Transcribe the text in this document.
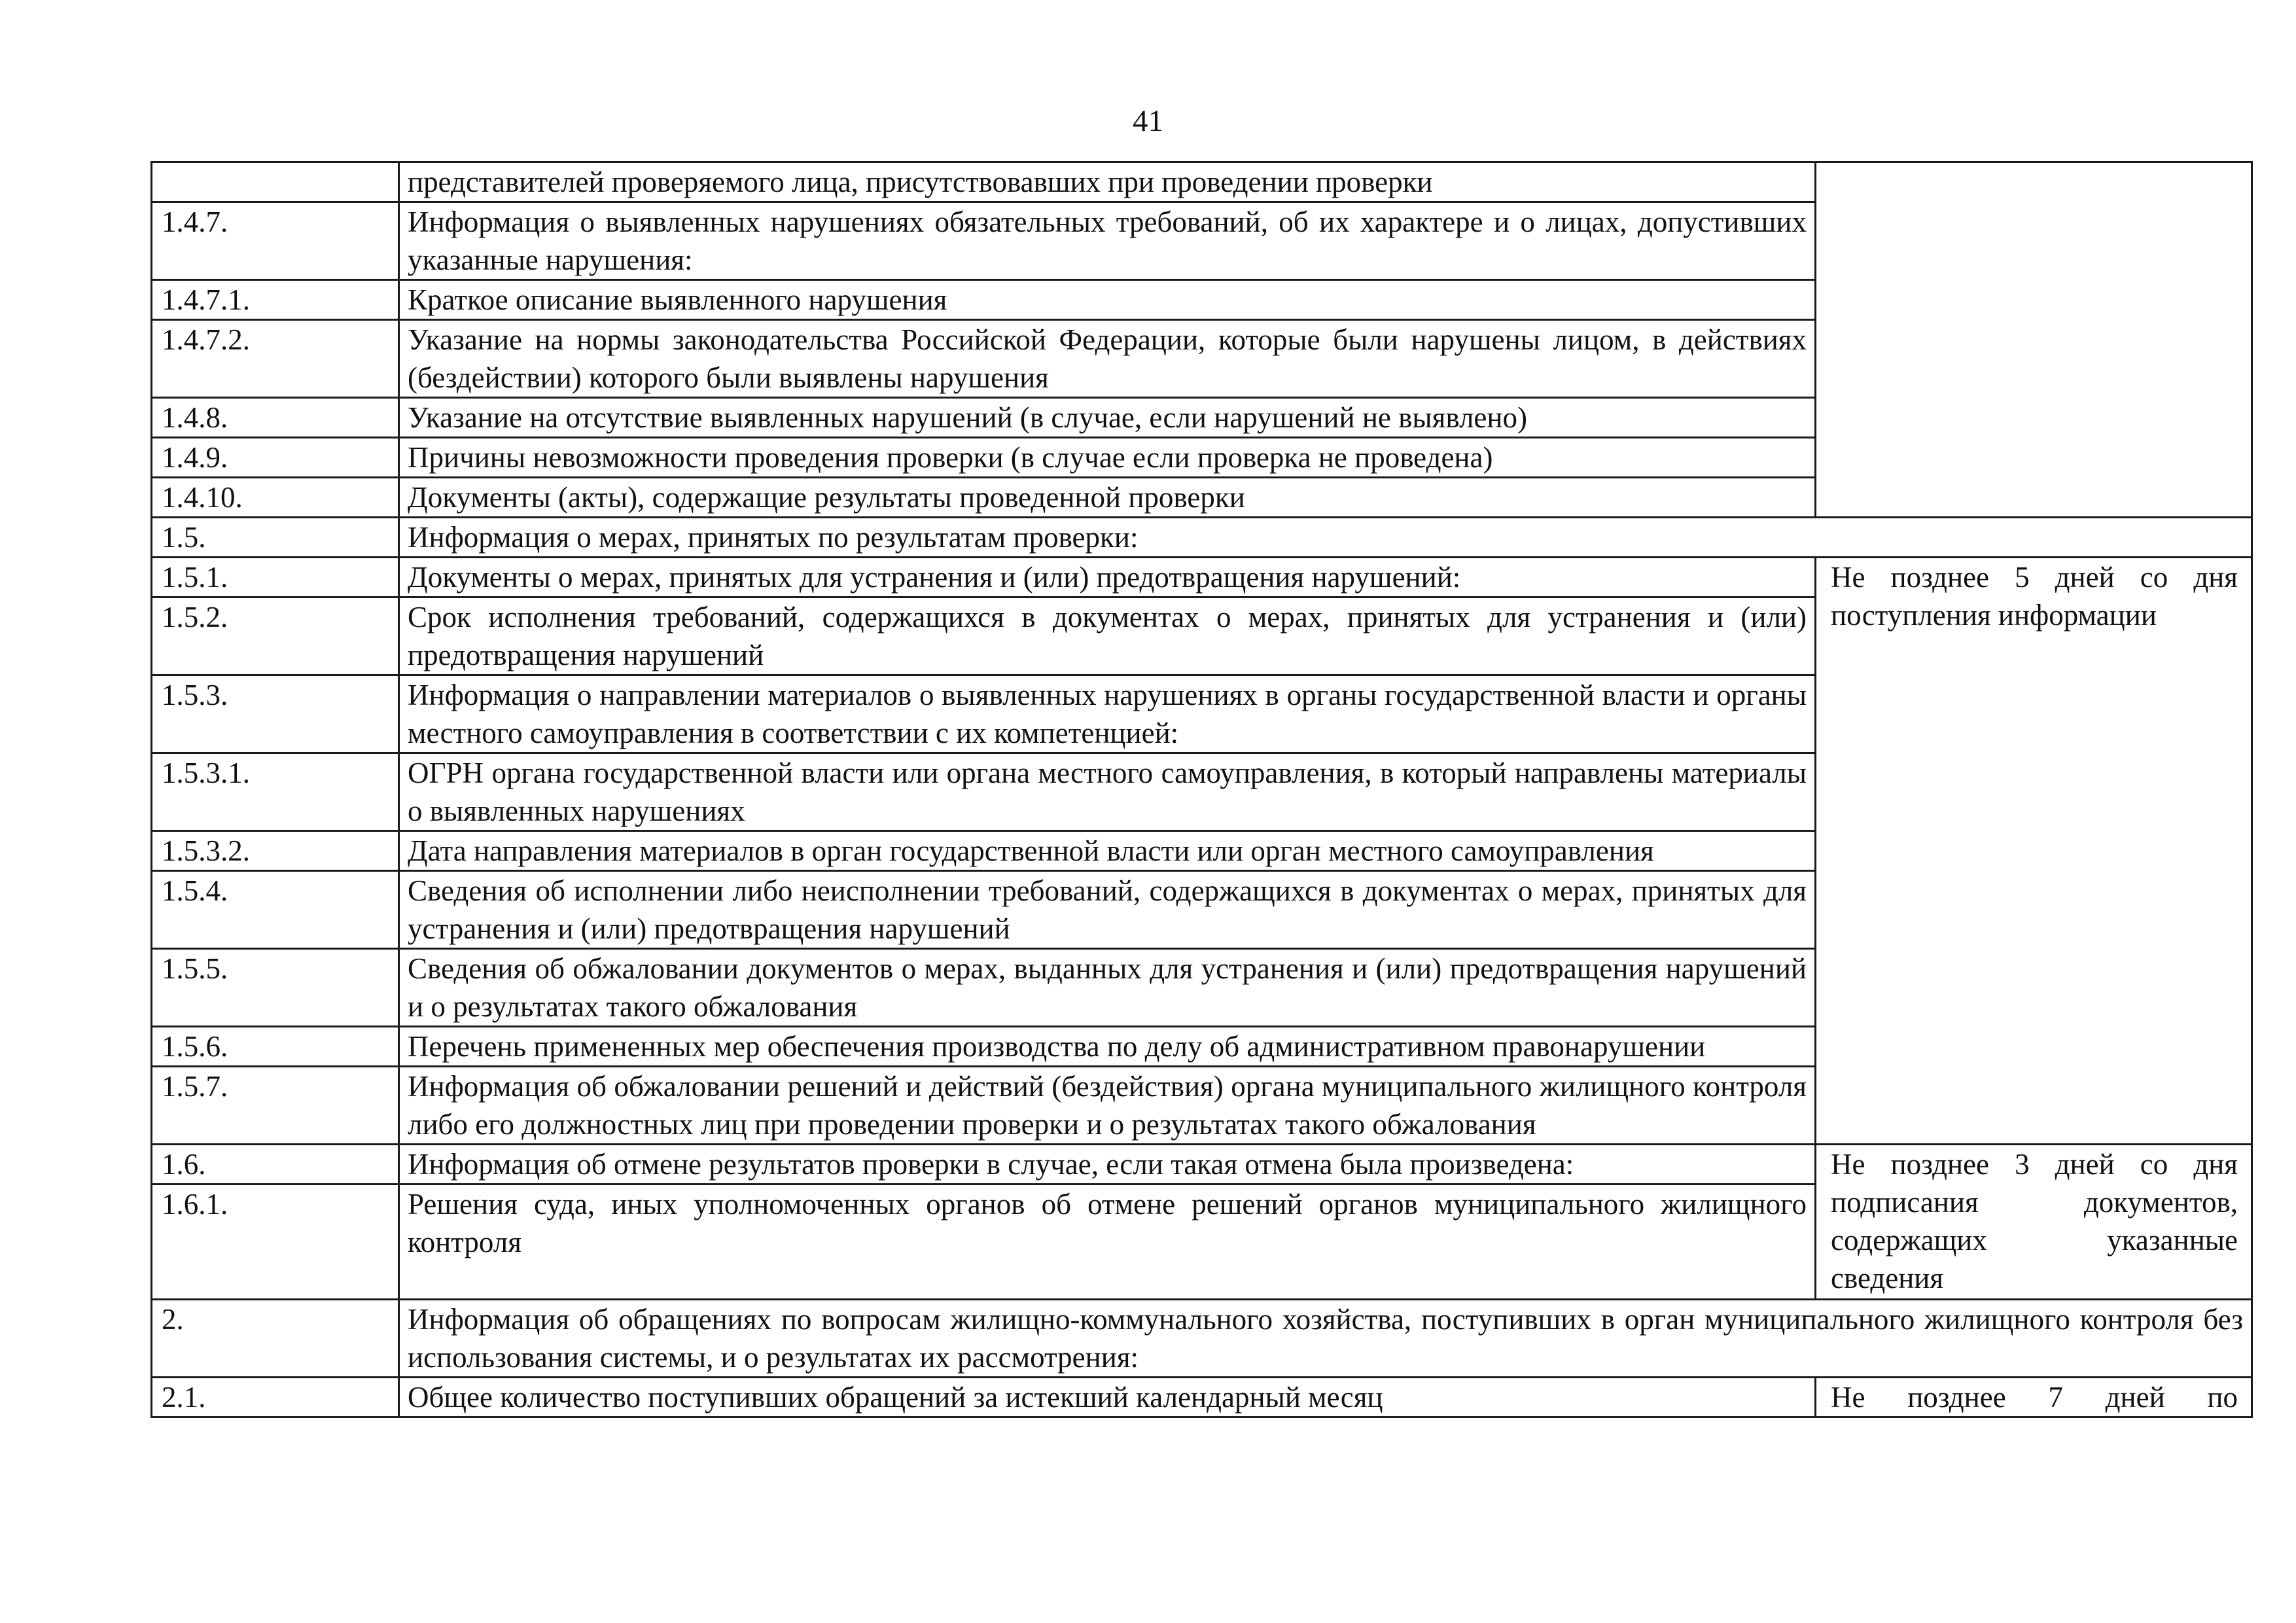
41
	представителей проверяемого лица, присутствовавших при проведении проверки	
1.4.7.	Информация о выявленных нарушениях обязательных требований, об их характере и о лицах, допустивших указанные нарушения:	
1.4.7.1.	Краткое описание выявленного нарушения	
1.4.7.2.	Указание на нормы законодательства Российской Федерации, которые были нарушены лицом, в действиях (бездействии) которого были выявлены нарушения	
1.4.8.	Указание на отсутствие выявленных нарушений (в случае, если нарушений не выявлено)	
1.4.9.	Причины невозможности проведения проверки (в случае если проверка не проведена)	
1.4.10.	Документы (акты), содержащие результаты проведенной проверки	
1.5.	Информация о мерах, принятых по результатам проверки:	
1.5.1.	Документы о мерах, принятых для устранения и (или) предотвращения нарушений:	Не позднее 5 дней со дня поступления информации
1.5.2.	Срок исполнения требований, содержащихся в документах о мерах, принятых для устранения и (или) предотвращения нарушений	
1.5.3.	Информация о направлении материалов о выявленных нарушениях в органы государственной власти и органы местного самоуправления в соответствии с их компетенцией:	
1.5.3.1.	ОГРН органа государственной власти или органа местного самоуправления, в который направлены материалы о выявленных нарушениях	
1.5.3.2.	Дата направления материалов в орган государственной власти или орган местного самоуправления	
1.5.4.	Сведения об исполнении либо неисполнении требований, содержащихся в документах о мерах, принятых для устранения и (или) предотвращения нарушений	
1.5.5.	Сведения об обжаловании документов о мерах, выданных для устранения и (или) предотвращения нарушений и о результатах такого обжалования	
1.5.6.	Перечень примененных мер обеспечения производства по делу об административном правонарушении	
1.5.7.	Информация об обжаловании решений и действий (бездействия) органа муниципального жилищного контроля либо его должностных лиц при проведении проверки и о результатах такого обжалования	
1.6.	Информация об отмене результатов проверки в случае, если такая отмена была произведена:	Не позднее 3 дней со дня подписания документов, содержащих указанные сведения
1.6.1.	Решения суда, иных уполномоченных органов об отмене решений органов муниципального жилищного контроля	
2.	Информация об обращениях по вопросам жилищно-коммунального хозяйства, поступивших в орган муниципального жилищного контроля без использования системы, и о результатах их рассмотрения:	
2.1.	Общее количество поступивших обращений за истекший календарный месяц	Не позднее 7 дней по
